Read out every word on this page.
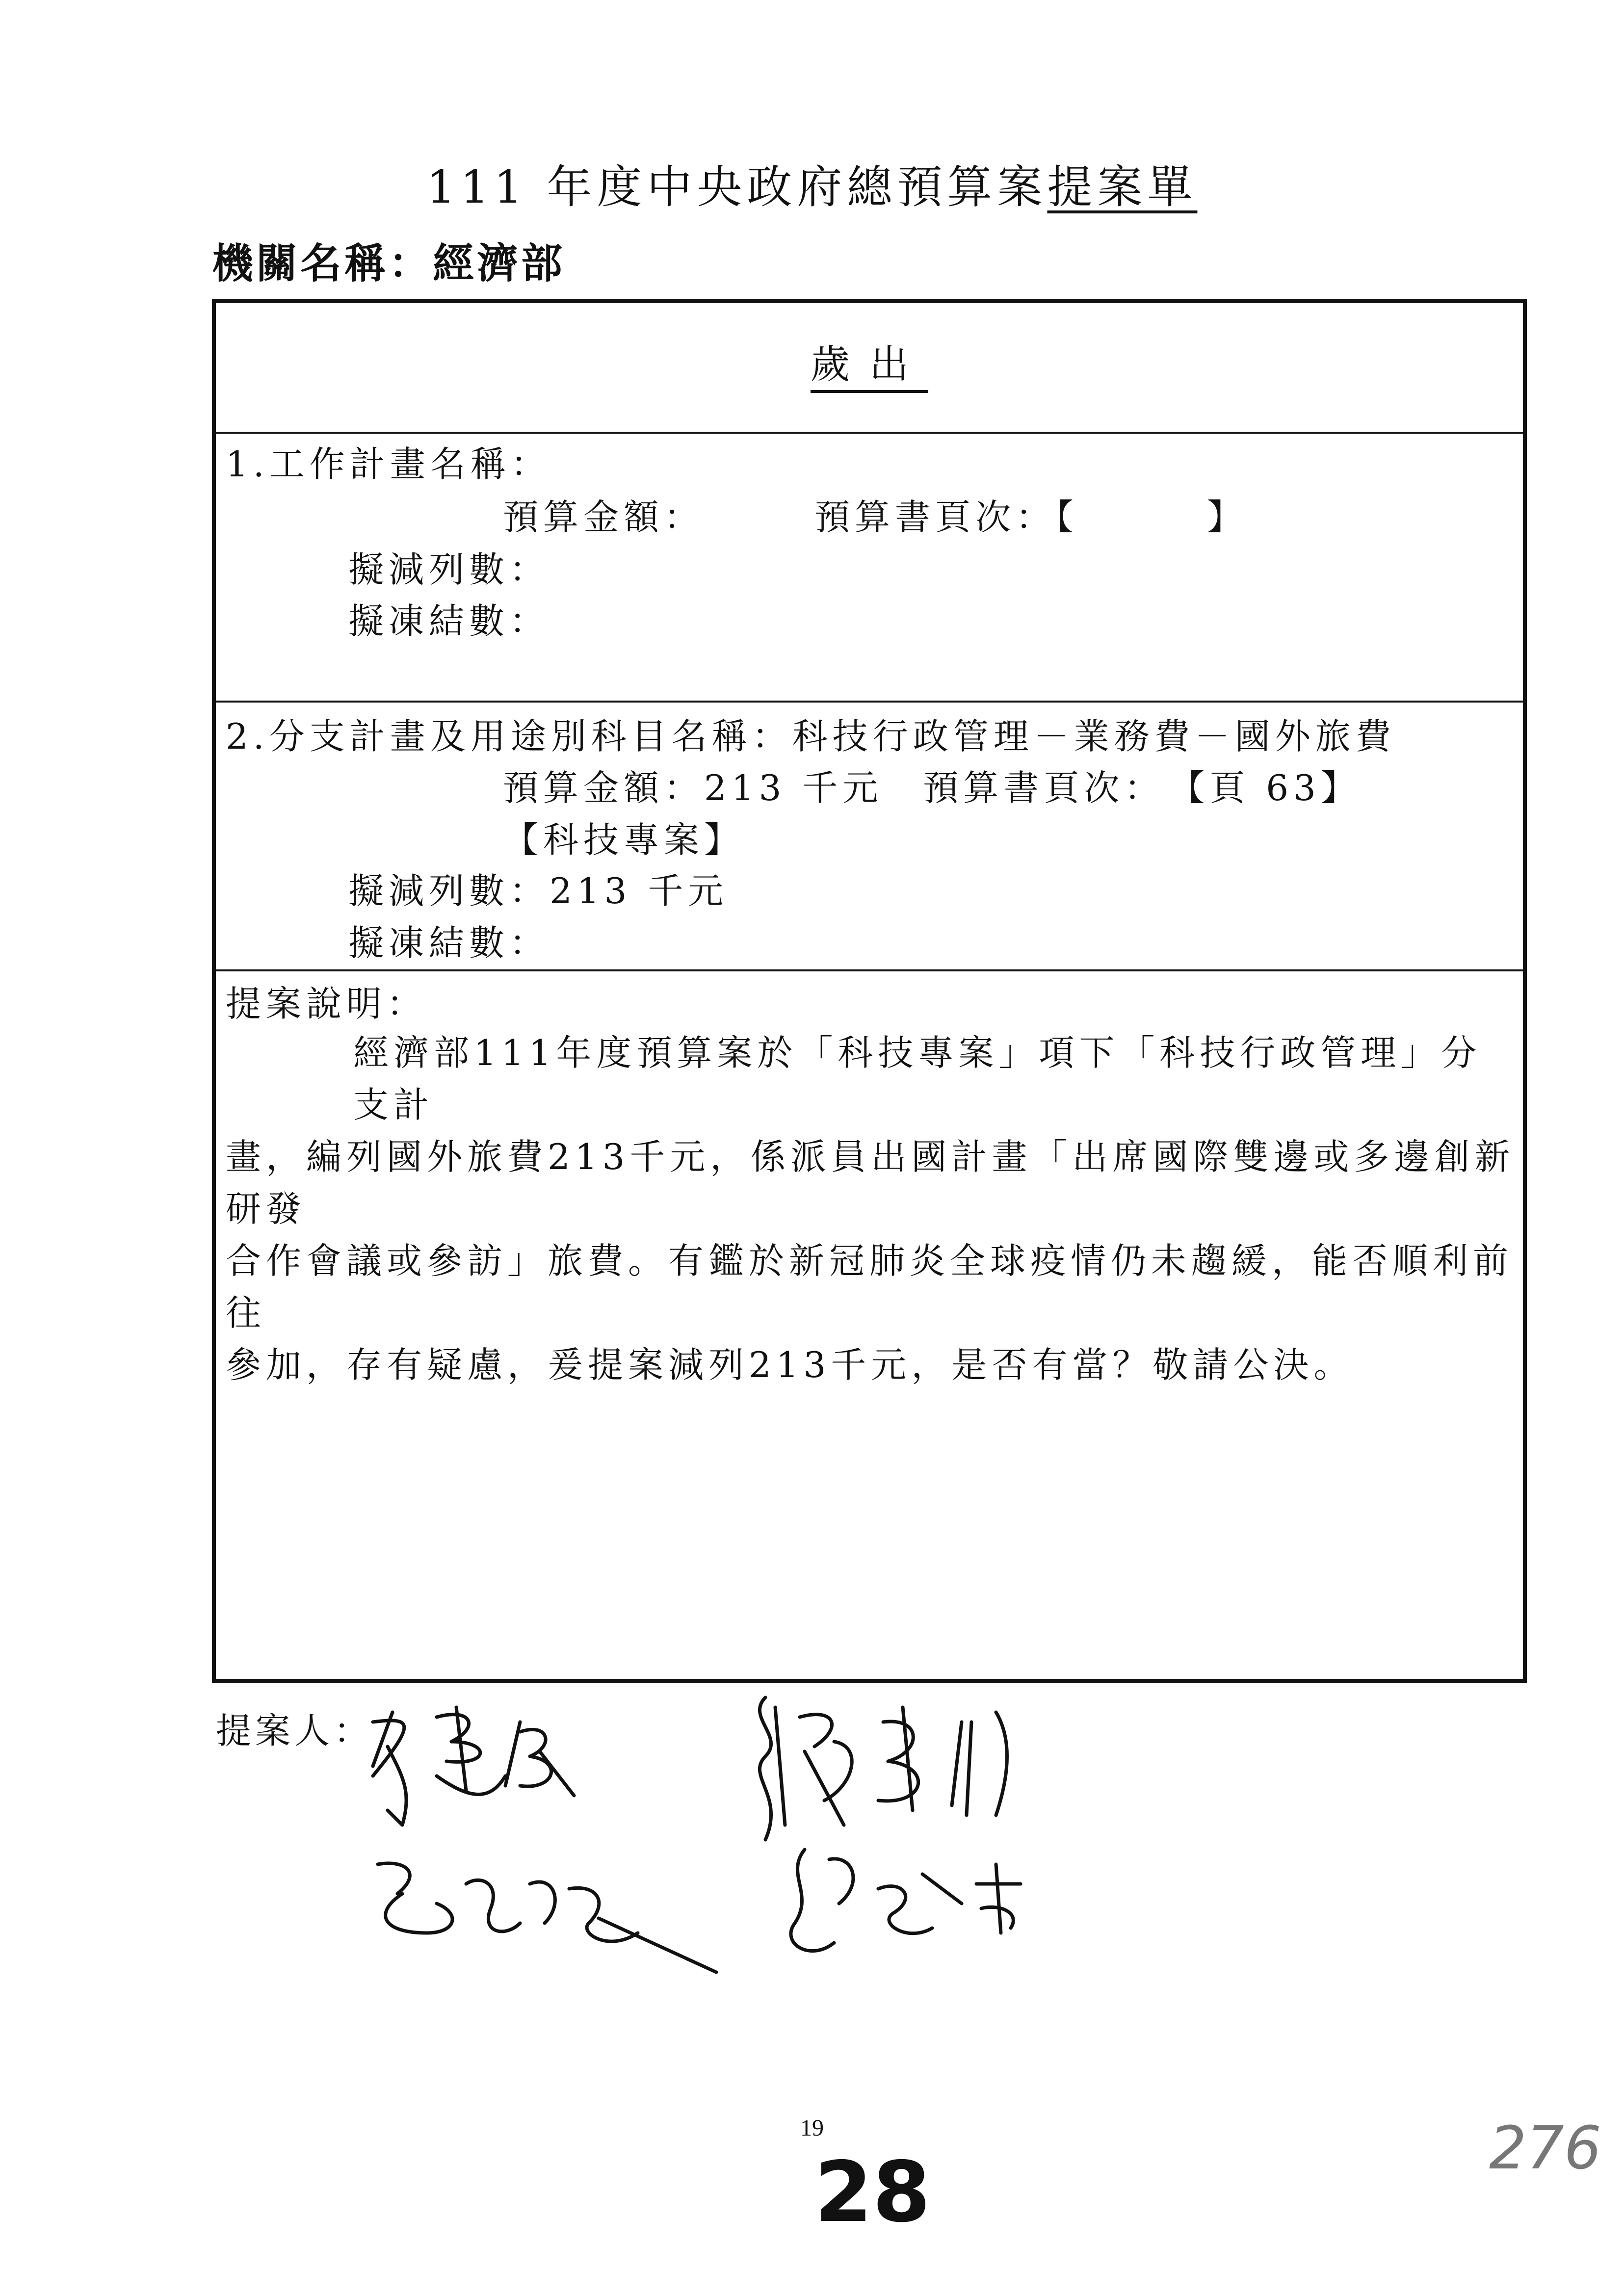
111 年度中央政府總預算案提案單
機關名稱：經濟部
歲出
1.工作計畫名稱：
預算金額：	預算書頁次：【	】
擬減列數：
擬凍結數：
2.分支計畫及用途別科目名稱：科技行政管理－業務費－國外旅費
預算金額：213 千元　預算書頁次：　【頁 63】
【科技專案】
擬減列數：213 千元
擬凍結數：
提案說明：
經濟部111年度預算案於「科技專案」項下「科技行政管理」分支計
畫，編列國外旅費213千元，係派員出國計畫「出席國際雙邊或多邊創新研發
合作會議或參訪」旅費。有鑑於新冠肺炎全球疫情仍未趨緩，能否順利前往
參加，存有疑慮，爰提案減列213千元，是否有當？敬請公決。
提案人：
19
28	276
